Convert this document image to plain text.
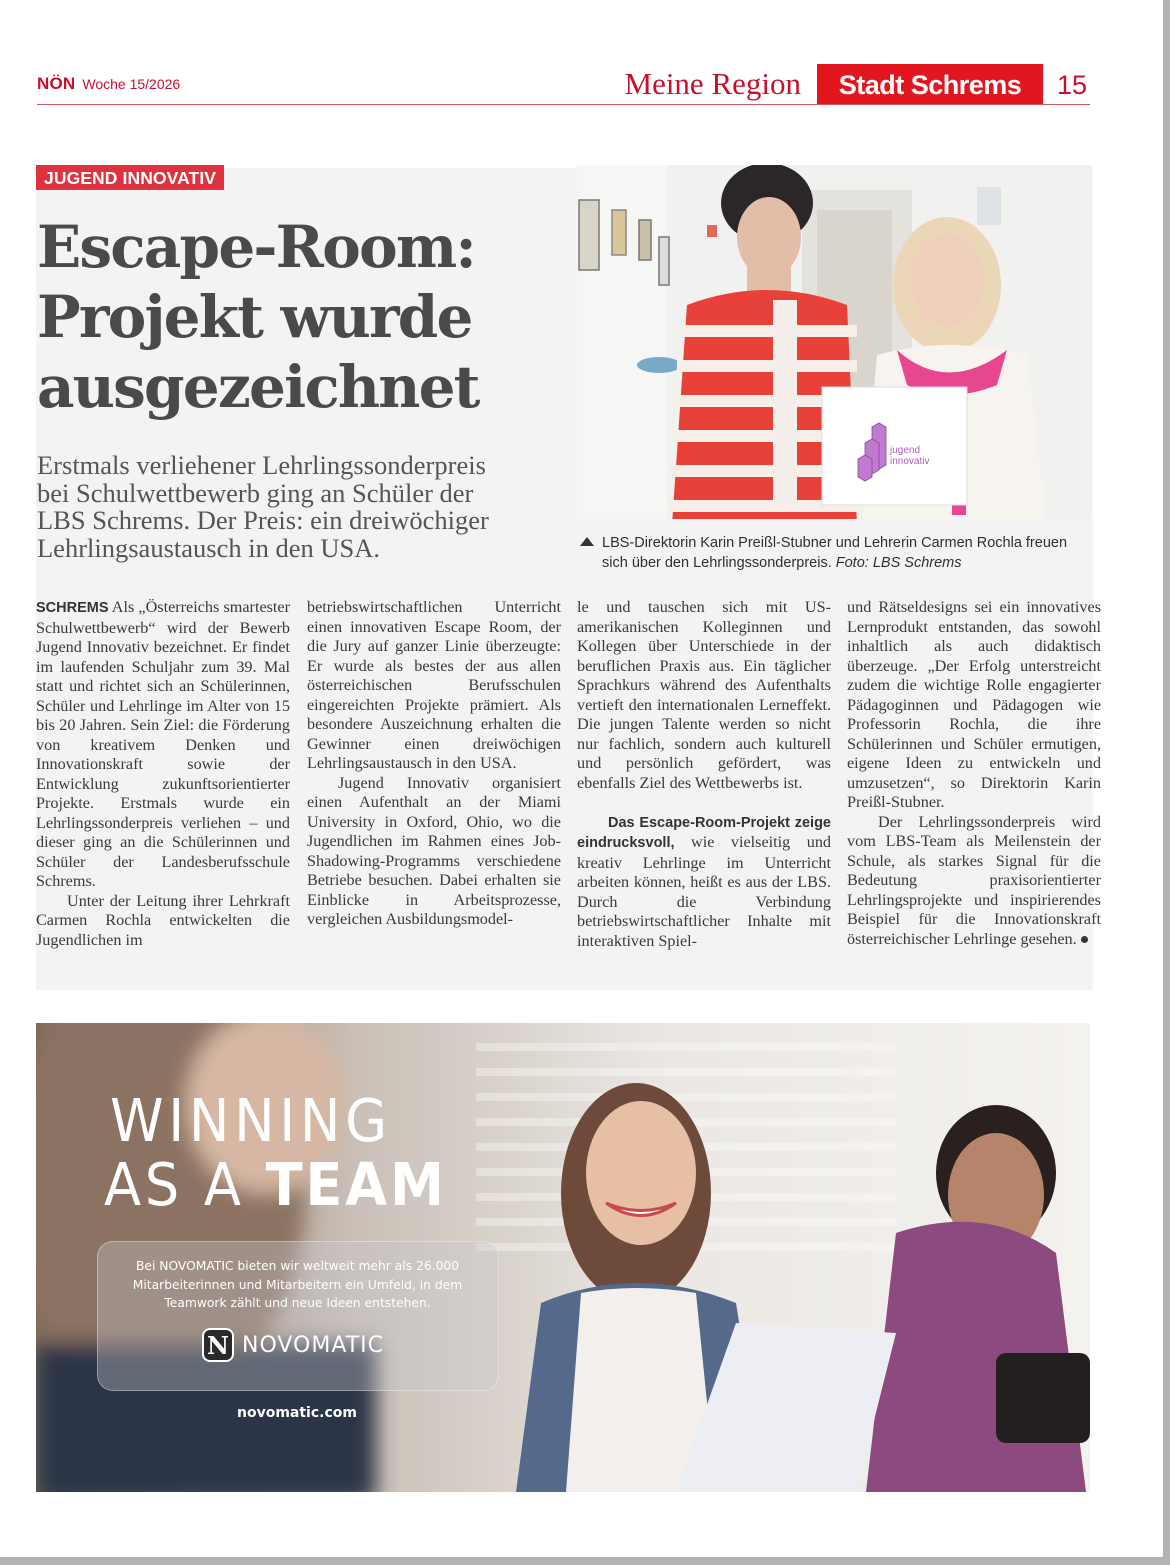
NÖN Woche 15/2026	Meine Region	Stadt Schrems	15
JUGEND INNOVATIV
Escape-Room:
Projekt wurde
ausgezeichnet

Erstmals verliehener Lehrlingssonderpreis
bei Schulwettbewerb ging an Schüler der
LBS Schrems. Der Preis: ein dreiwöchiger
Lehrlingsaustausch in den USA.

jugend
innovativ
LBS-Direktorin Karin Preißl-Stubner und Lehrerin Carmen Rochla freuen
sich über den Lehrlingssonderpreis. Foto: LBS Schrems

SCHREMS Als „Österreichs smartester Schulwettbewerb“ wird der Bewerb Jugend Innovativ bezeichnet. Er findet im laufenden Schuljahr zum 39. Mal statt und richtet sich an Schülerinnen, Schüler und Lehrlinge im Alter von 15 bis 20 Jahren. Sein Ziel: die Förderung von kreativem Denken und Innovationskraft sowie der Entwicklung zukunftsorientierter Projekte. Erstmals wurde ein Lehrlingssonderpreis verliehen – und dieser ging an die Schülerinnen und Schüler der Landesberufsschule Schrems.

Unter der Leitung ihrer Lehrkraft Carmen Rochla entwickelten die Jugendlichen im

betriebswirtschaftlichen Unterricht einen innovativen Escape Room, der die Jury auf ganzer Linie überzeugte: Er wurde als bestes der aus allen österreichischen Berufsschulen eingereichten Projekte prämiert. Als besondere Auszeichnung erhalten die Gewinner einen dreiwöchigen Lehrlingsaustausch in den USA.

Jugend Innovativ organisiert einen Aufenthalt an der Miami University in Oxford, Ohio, wo die Jugendlichen im Rahmen eines Job-Shadowing-Programms verschiedene Betriebe besuchen. Dabei erhalten sie Einblicke in Arbeitsprozesse, vergleichen Ausbildungsmodel-

le und tauschen sich mit US-amerikanischen Kolleginnen und Kollegen über Unterschiede in der beruflichen Praxis aus. Ein täglicher Sprachkurs während des Aufenthalts vertieft den internationalen Lerneffekt. Die jungen Talente werden so nicht nur fachlich, sondern auch kulturell und persönlich gefördert, was ebenfalls Ziel des Wettbewerbs ist.

Das Escape-Room-Projekt zeige eindrucksvoll, wie vielseitig und kreativ Lehrlinge im Unterricht arbeiten können, heißt es aus der LBS. Durch die Verbindung betriebswirtschaftlicher Inhalte mit interaktiven Spiel-

und Rätseldesigns sei ein innovatives Lernprodukt entstanden, das sowohl inhaltlich als auch didaktisch überzeuge. „Der Erfolg unterstreicht zudem die wichtige Rolle engagierter Pädagoginnen und Pädagogen wie Professorin Rochla, die ihre Schülerinnen und Schüler ermutigen, eigene Ideen zu entwickeln und umzusetzen“, so Direktorin Karin Preißl-Stubner.

Der Lehrlingssonderpreis wird vom LBS-Team als Meilenstein der Schule, als starkes Signal für die Bedeutung praxisorientierter Lehrlingsprojekte und inspirierendes Beispiel für die Innovationskraft österreichischer Lehrlinge gesehen.

WINNING
AS A TEAM
Bei NOVOMATIC bieten wir weltweit mehr als 26.000 Mitarbeiterinnen und Mitarbeitern ein Umfeld, in dem Teamwork zählt und neue Ideen entstehen.
N NOVOMATIC
novomatic.com
